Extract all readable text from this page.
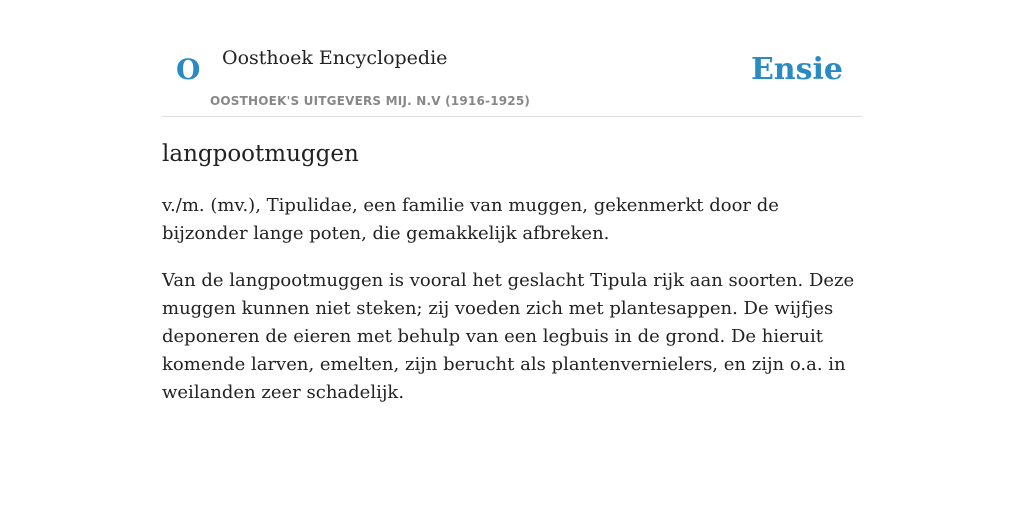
O Oosthoek Encyclopedie
OOSTHOEK'S UITGEVERS MIJ. N.V (1916-1925)
Ensie
langpootmuggen

v./m. (mv.), Tipulidae, een familie van muggen, gekenmerkt door de bijzonder lange poten, die gemakkelijk afbreken.

Van de langpootmuggen is vooral het geslacht Tipula rijk aan soorten. Deze muggen kunnen niet steken; zij voeden zich met plantesappen. De wijfjes deponeren de eieren met behulp van een legbuis in de grond. De hieruit komende larven, emelten, zijn berucht als plantenvernielers, en zijn o.a. in weilanden zeer schadelijk.
